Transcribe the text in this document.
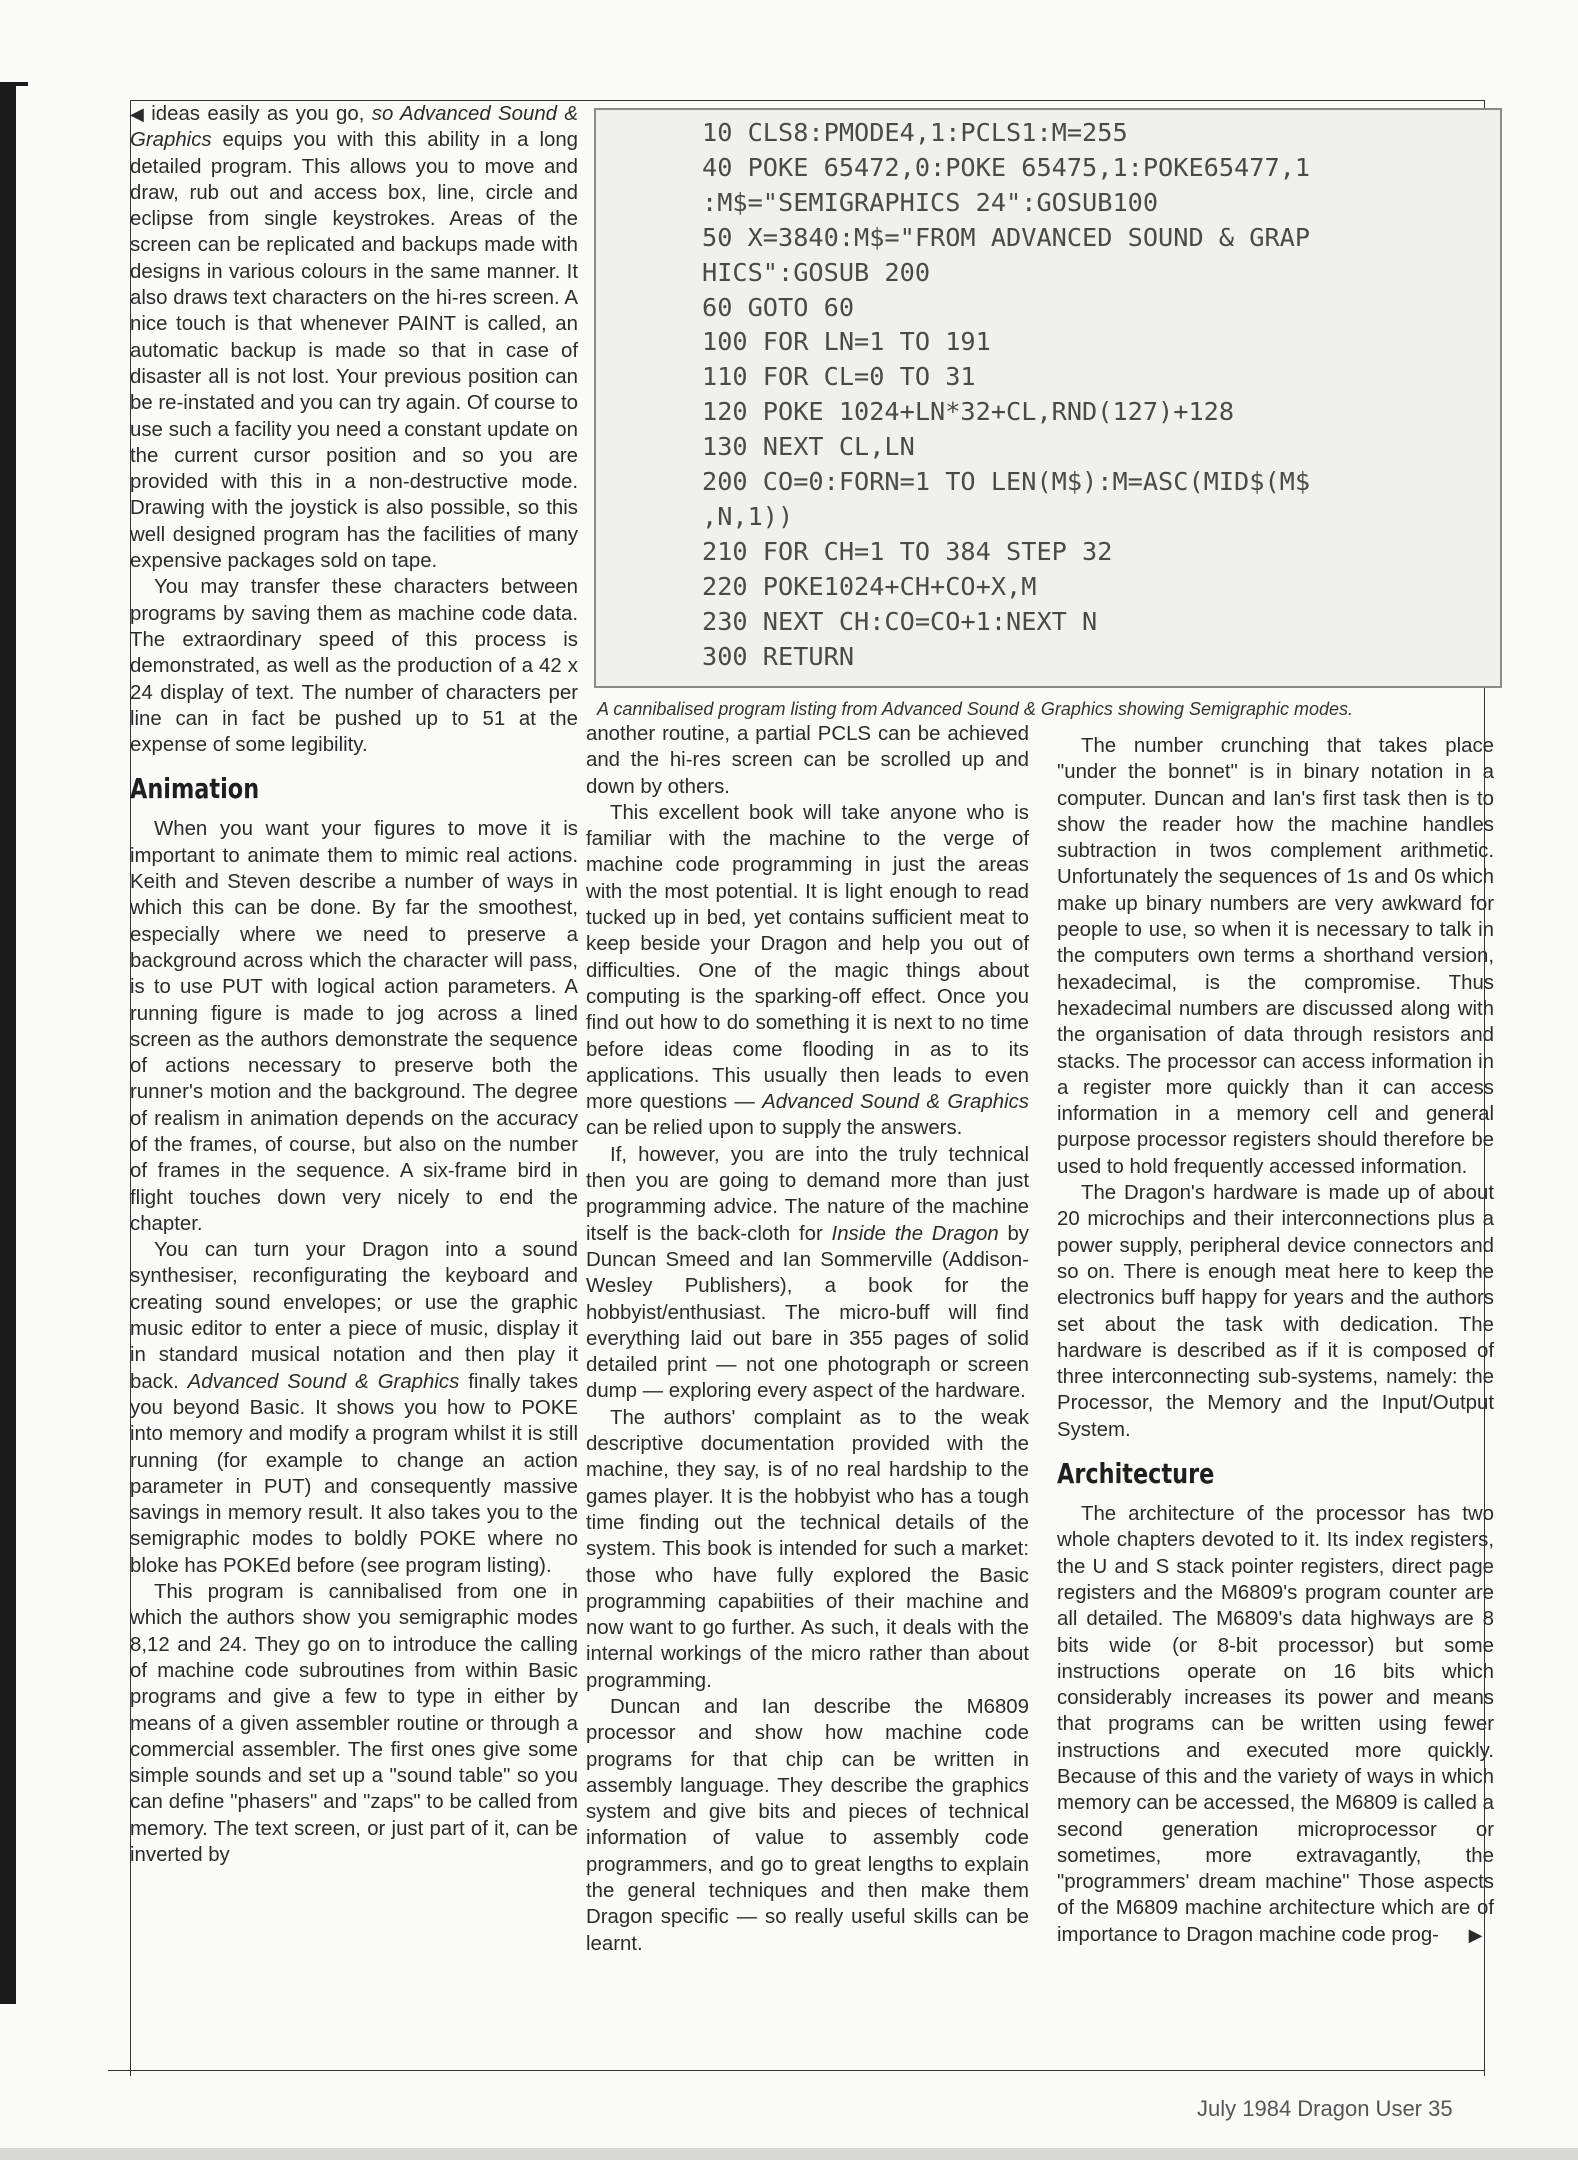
10 CLS8:PMODE4,1:PCLS1:M=255
40 POKE 65472,0:POKE 65475,1:POKE65477,1
:M$="SEMIGRAPHICS 24":GOSUB100
50 X=3840:M$="FROM ADVANCED SOUND & GRAP
HICS":GOSUB 200
60 GOTO 60
100 FOR LN=1 TO 191
110 FOR CL=0 TO 31
120 POKE 1024+LN*32+CL,RND(127)+128
130 NEXT CL,LN
200 CO=0:FORN=1 TO LEN(M$):M=ASC(MID$(M$
,N,1))
210 FOR CH=1 TO 384 STEP 32
220 POKE1024+CH+CO+X,M
230 NEXT CH:CO=CO+1:NEXT N
300 RETURN
A cannibalised program listing from Advanced Sound & Graphics showing Semigraphic modes.

◀ ideas easily as you go, so Advanced Sound & Graphics equips you with this ability in a long detailed program. This allows you to move and draw, rub out and access box, line, circle and eclipse from single keystrokes. Areas of the screen can be replicated and backups made with designs in various colours in the same manner. It also draws text characters on the hi-res screen. A nice touch is that whenever PAINT is called, an automatic backup is made so that in case of disaster all is not lost. Your previous position can be re-instated and you can try again. Of course to use such a facility you need a constant update on the current cursor position and so you are provided with this in a non-destructive mode. Drawing with the joystick is also possible, so this well designed program has the facilities of many expensive packages sold on tape.

You may transfer these characters between programs by saving them as machine code data. The extraordinary speed of this process is demonstrated, as well as the production of a 42 x 24 display of text. The number of characters per line can in fact be pushed up to 51 at the expense of some legibility.

Animation

When you want your figures to move it is important to animate them to mimic real actions. Keith and Steven describe a number of ways in which this can be done. By far the smoothest, especially where we need to preserve a background across which the character will pass, is to use PUT with logical action parameters. A running figure is made to jog across a lined screen as the authors demonstrate the sequence of actions necessary to preserve both the runner's motion and the background. The degree of realism in animation depends on the accuracy of the frames, of course, but also on the number of frames in the sequence. A six-frame bird in flight touches down very nicely to end the chapter.

You can turn your Dragon into a sound synthesiser, reconfigurating the keyboard and creating sound envelopes; or use the graphic music editor to enter a piece of music, display it in standard musical notation and then play it back. Advanced Sound & Graphics finally takes you beyond Basic. It shows you how to POKE into memory and modify a program whilst it is still running (for example to change an action parameter in PUT) and consequently massive savings in memory result. It also takes you to the semigraphic modes to boldly POKE where no bloke has POKEd before (see program listing).

This program is cannibalised from one in which the authors show you semigraphic modes 8,12 and 24. They go on to introduce the calling of machine code subroutines from within Basic programs and give a few to type in either by means of a given assembler routine or through a commercial assembler. The first ones give some simple sounds and set up a "sound table" so you can define "phasers" and "zaps" to be called from memory. The text screen, or just part of it, can be inverted by

another routine, a partial PCLS can be achieved and the hi-res screen can be scrolled up and down by others.

This excellent book will take anyone who is familiar with the machine to the verge of machine code programming in just the areas with the most potential. It is light enough to read tucked up in bed, yet contains sufficient meat to keep beside your Dragon and help you out of difficulties. One of the magic things about computing is the sparking-off effect. Once you find out how to do something it is next to no time before ideas come flooding in as to its applications. This usually then leads to even more questions — Advanced Sound & Graphics can be relied upon to supply the answers.

If, however, you are into the truly technical then you are going to demand more than just programming advice. The nature of the machine itself is the back-cloth for Inside the Dragon by Duncan Smeed and Ian Sommerville (Addison-Wesley Publishers), a book for the hobbyist/enthusiast. The micro-buff will find everything laid out bare in 355 pages of solid detailed print — not one photograph or screen dump — exploring every aspect of the hardware.

The authors' complaint as to the weak descriptive documentation provided with the machine, they say, is of no real hardship to the games player. It is the hobbyist who has a tough time finding out the technical details of the system. This book is intended for such a market: those who have fully explored the Basic programming capabiities of their machine and now want to go further. As such, it deals with the internal workings of the micro rather than about programming.

Duncan and Ian describe the M6809 processor and show how machine code programs for that chip can be written in assembly language. They describe the graphics system and give bits and pieces of technical information of value to assembly code programmers, and go to great lengths to explain the general techniques and then make them Dragon specific — so really useful skills can be learnt.

The number crunching that takes place "under the bonnet" is in binary notation in a computer. Duncan and Ian's first task then is to show the reader how the machine handles subtraction in twos complement arithmetic. Unfortunately the sequences of 1s and 0s which make up binary numbers are very awkward for people to use, so when it is necessary to talk in the computers own terms a shorthand version, hexadecimal, is the compromise. Thus hexadecimal numbers are discussed along with the organisation of data through resistors and stacks. The processor can access information in a register more quickly than it can access information in a memory cell and general purpose processor registers should therefore be used to hold frequently accessed information.

The Dragon's hardware is made up of about 20 microchips and their interconnections plus a power supply, peripheral device connectors and so on. There is enough meat here to keep the electronics buff happy for years and the authors set about the task with dedication. The hardware is described as if it is composed of three interconnecting sub-systems, namely: the Processor, the Memory and the Input/Output System.

Architecture

The architecture of the processor has two whole chapters devoted to it. Its index registers, the U and S stack pointer registers, direct page registers and the M6809's program counter are all detailed. The M6809's data highways are 8 bits wide (or 8-bit processor) but some instructions operate on 16 bits which considerably increases its power and means that programs can be written using fewer instructions and executed more quickly. Because of this and the variety of ways in which memory can be accessed, the M6809 is called a second generation microprocessor or sometimes, more extravagantly, the "programmers' dream machine" Those aspects of the M6809 machine architecture which are of importance to Dragon machine code prog- ▶

July 1984 Dragon User 35
